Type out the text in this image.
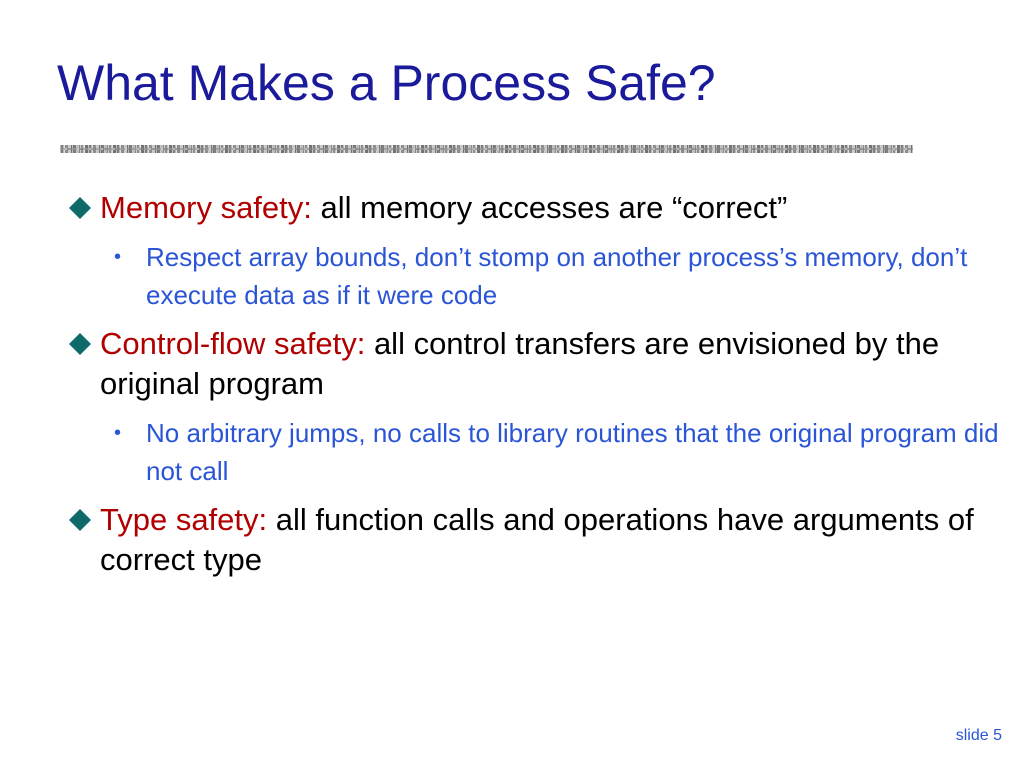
What Makes a Process Safe?
Memory safety: all memory accesses are “correct”
• Respect array bounds, don’t stomp on another process’s memory, don’t execute data as if it were code
Control-flow safety: all control transfers are envisioned by the original program
• No arbitrary jumps, no calls to library routines that the original program did not call
Type safety: all function calls and operations have arguments of correct type
slide 5
